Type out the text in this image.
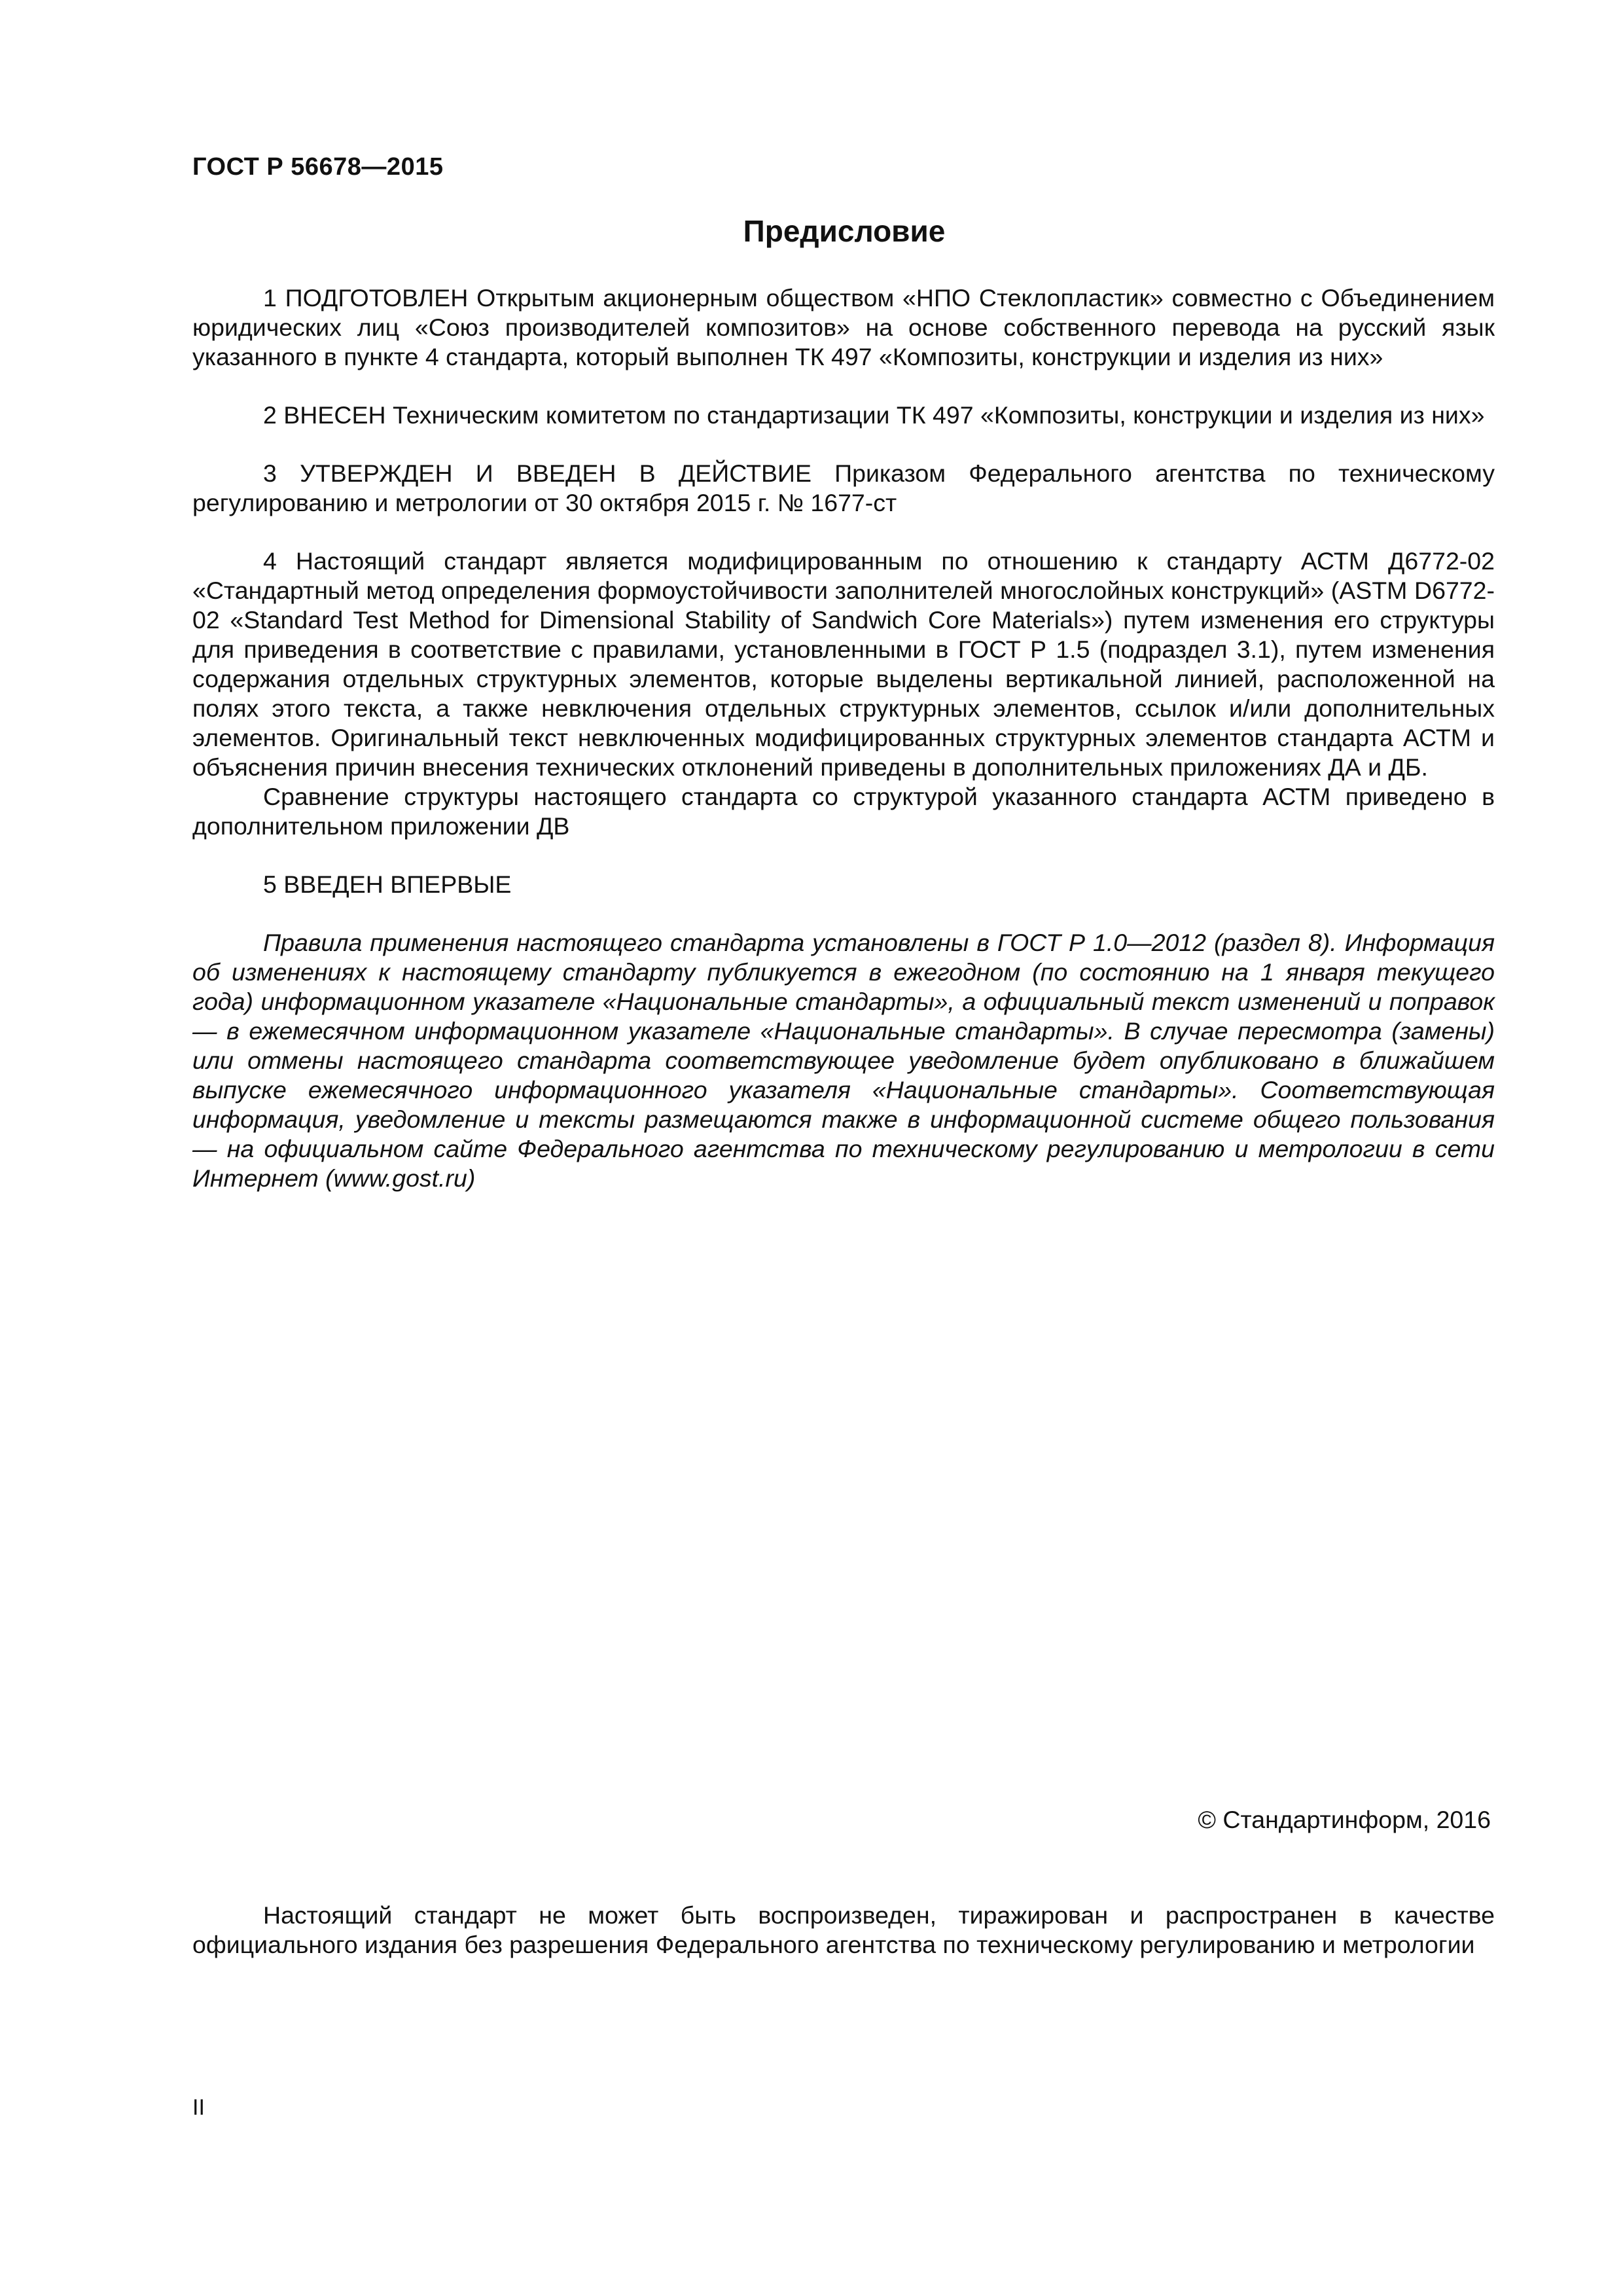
ГОСТ Р 56678—2015
Предисловие

1 ПОДГОТОВЛЕН Открытым акционерным обществом «НПО Стеклопластик» совместно с Объединением юридических лиц «Союз производителей композитов» на основе собственного перевода на русский язык указанного в пункте 4 стандарта, который выполнен ТК 497 «Композиты, конструкции и изделия из них»

2 ВНЕСЕН Техническим комитетом по стандартизации ТК 497 «Композиты, конструкции и изделия из них»

3 УТВЕРЖДЕН И ВВЕДЕН В ДЕЙСТВИЕ Приказом Федерального агентства по техническому регулированию и метрологии от 30 октября 2015 г. № 1677-ст

4 Настоящий стандарт является модифицированным по отношению к стандарту АСТМ Д6772-02 «Стандартный метод определения формоустойчивости заполнителей многослойных конструкций» (ASTM D6772-02 «Standard Test Method for Dimensional Stability of Sandwich Core Materials») путем изменения его структуры для приведения в соответствие с правилами, установленными в ГОСТ Р 1.5 (подраздел 3.1), путем изменения содержания отдельных структурных элементов, которые выделены вертикальной линией, расположенной на полях этого текста, а также невключения отдельных структурных элементов, ссылок и/или дополнительных элементов. Оригинальный текст невключенных модифицированных структурных элементов стандарта АСТМ и объяснения причин внесения технических отклонений приведены в дополнительных приложениях ДА и ДБ.

Сравнение структуры настоящего стандарта со структурой указанного стандарта АСТМ приведено в дополнительном приложении ДВ

5 ВВЕДЕН ВПЕРВЫЕ

Правила применения настоящего стандарта установлены в ГОСТ Р 1.0—2012 (раздел 8). Информация об изменениях к настоящему стандарту публикуется в ежегодном (по состоянию на 1 января текущего года) информационном указателе «Национальные стандарты», а официальный текст изменений и поправок — в ежемесячном информационном указателе «Национальные стандарты». В случае пересмотра (замены) или отмены настоящего стандарта соответствующее уведомление будет опубликовано в ближайшем выпуске ежемесячного информационного указателя «Национальные стандарты». Соответствующая информация, уведомление и тексты размещаются также в информационной системе общего пользования — на официальном сайте Федерального агентства по техническому регулированию и метрологии в сети Интернет (www.gost.ru)

© Стандартинформ, 2016

Настоящий стандарт не может быть воспроизведен, тиражирован и распространен в качестве официального издания без разрешения Федерального агентства по техническому регулированию и метрологии

II
